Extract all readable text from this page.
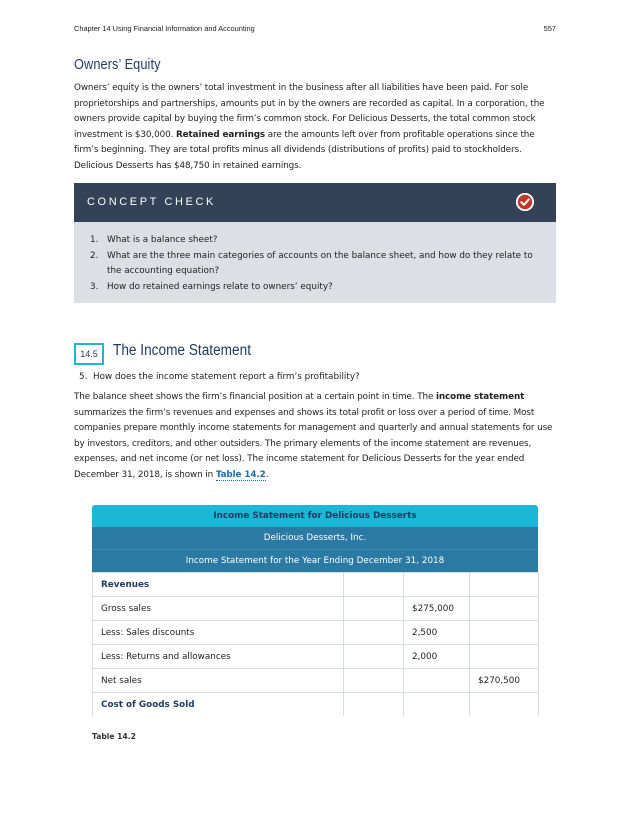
Chapter 14 Using Financial Information and Accounting	557
Owners’ Equity

Owners’ equity is the owners’ total investment in the business after all liabilities have been paid. For sole proprietorships and partnerships, amounts put in by the owners are recorded as capital. In a corporation, the owners provide capital by buying the firm’s common stock. For Delicious Desserts, the total common stock investment is $30,000. Retained earnings are the amounts left over from profitable operations since the firm’s beginning. They are total profits minus all dividends (distributions of profits) paid to stockholders. Delicious Desserts has $48,750 in retained earnings.

CONCEPT CHECK
1. What is a balance sheet?
2. What are the three main categories of accounts on the balance sheet, and how do they relate to the accounting equation?
3. How do retained earnings relate to owners’ equity?
14.5 The Income Statement
5. How does the income statement report a firm’s profitability?

The balance sheet shows the firm’s financial position at a certain point in time. The income statement summarizes the firm’s revenues and expenses and shows its total profit or loss over a period of time. Most companies prepare monthly income statements for management and quarterly and annual statements for use by investors, creditors, and other outsiders. The primary elements of the income statement are revenues, expenses, and net income (or net loss). The income statement for Delicious Desserts for the year ended December 31, 2018, is shown in Table 14.2.

Income Statement for Delicious Desserts
Delicious Desserts, Inc.
Income Statement for the Year Ending December 31, 2018
Revenues			
Gross sales		$275,000	
Less: Sales discounts		2,500	
Less: Returns and allowances		2,000	
Net sales			$270,500
Cost of Goods Sold			
Table 14.2
